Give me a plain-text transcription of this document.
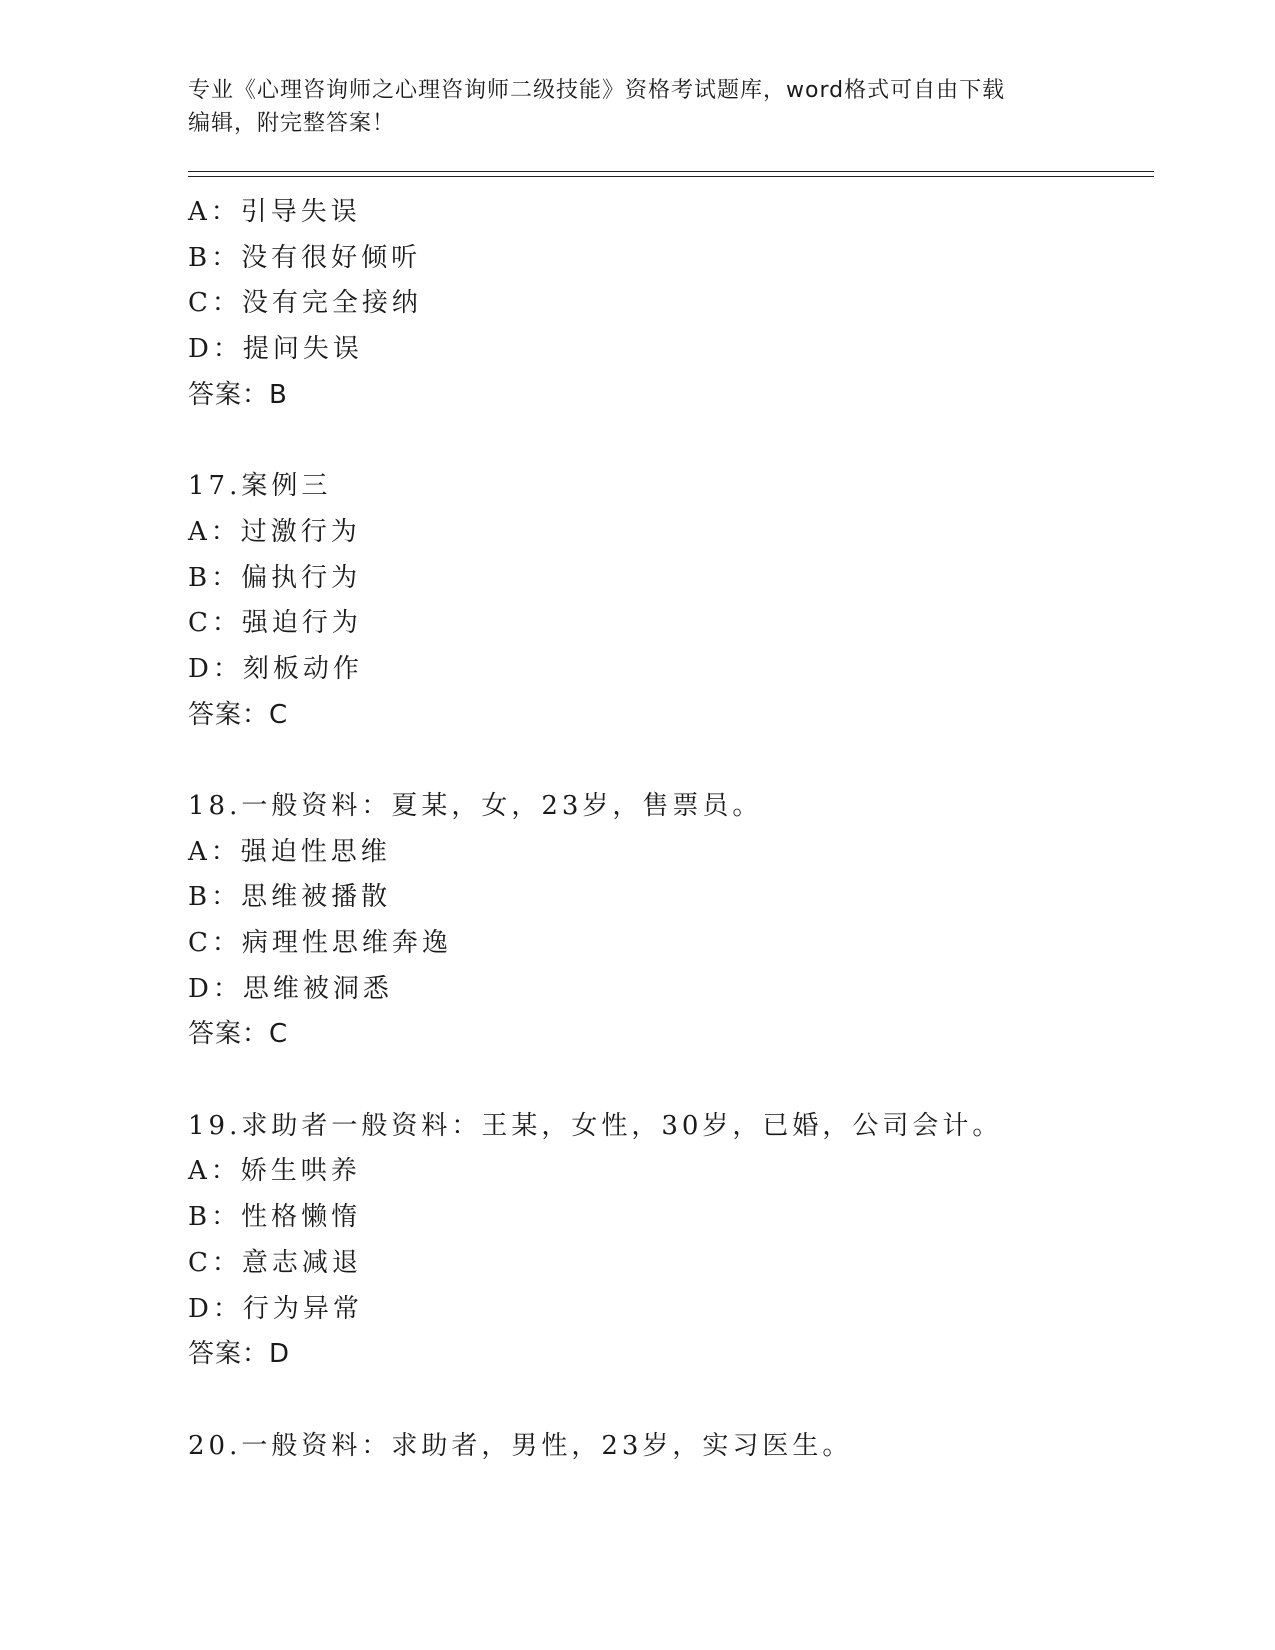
专业《心理咨询师之心理咨询师二级技能》资格考试题库，word格式可自由下载
编辑，附完整答案！
A：引导失误
B：没有很好倾听
C：没有完全接纳
D：提问失误
答案：B
17.案例三
A：过激行为
B：偏执行为
C：强迫行为
D：刻板动作
答案：C
18.一般资料：夏某，女，23岁，售票员。
A：强迫性思维
B：思维被播散
C：病理性思维奔逸
D：思维被洞悉
答案：C
19.求助者一般资料：王某，女性，30岁，已婚，公司会计。
A：娇生哄养
B：性格懒惰
C：意志减退
D：行为异常
答案：D
20.一般资料：求助者，男性，23岁，实习医生。
